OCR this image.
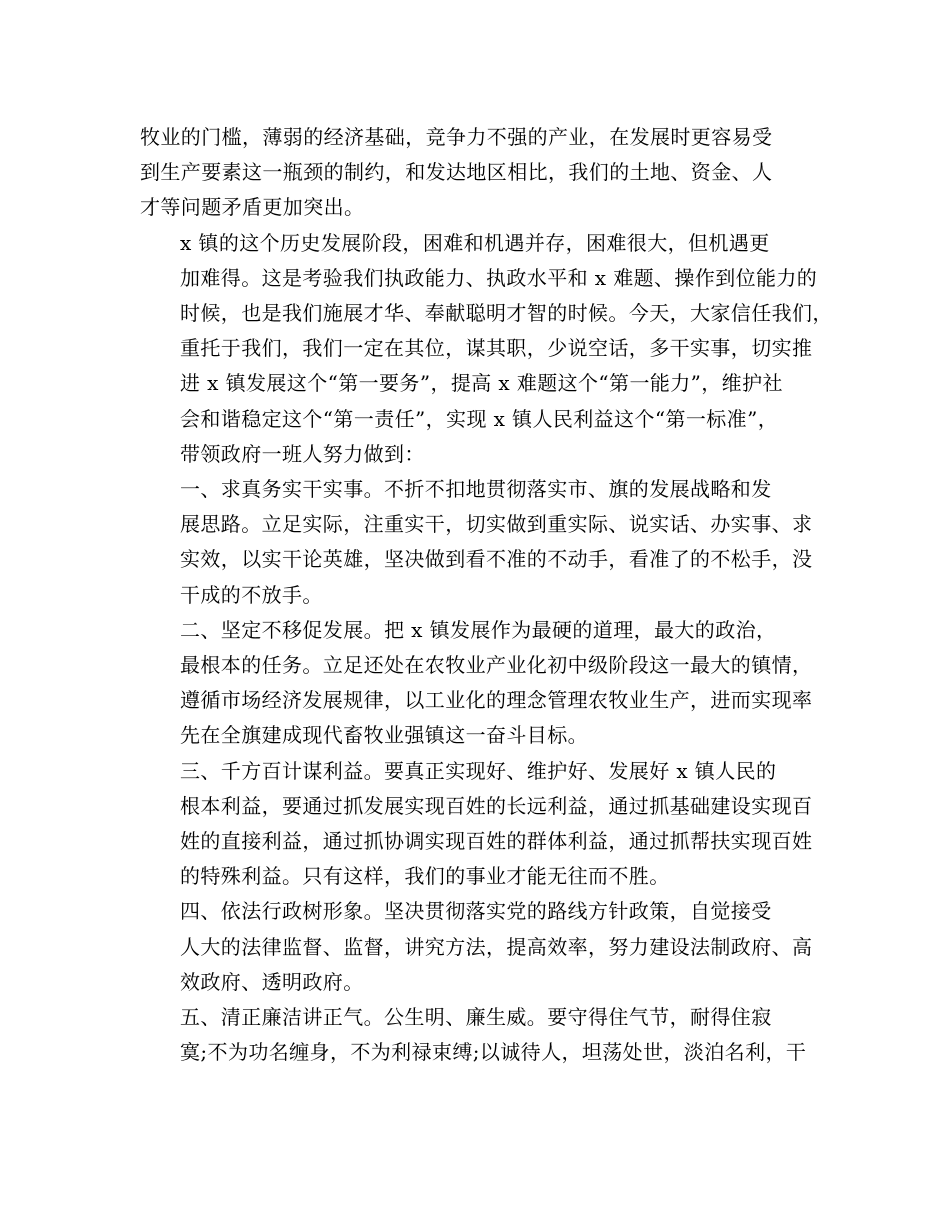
牧业的门槛，薄弱的经济基础，竞争力不强的产业，在发展时更容易受
到生产要素这一瓶颈的制约，和发达地区相比，我们的土地、资金、人
才等问题矛盾更加突出。

x 镇的这个历史发展阶段，困难和机遇并存，困难很大，但机遇更
加难得。这是考验我们执政能力、执政水平和 x 难题、操作到位能力的
时候，也是我们施展才华、奉献聪明才智的时候。今天，大家信任我们，
重托于我们，我们一定在其位，谋其职，少说空话，多干实事，切实推
进 x 镇发展这个“第一要务”，提高 x 难题这个“第一能力”，维护社
会和谐稳定这个“第一责任”，实现 x 镇人民利益这个“第一标准”，
带领政府一班人努力做到：

一、求真务实干实事。不折不扣地贯彻落实市、旗的发展战略和发
展思路。立足实际，注重实干，切实做到重实际、说实话、办实事、求
实效，以实干论英雄，坚决做到看不准的不动手，看准了的不松手，没
干成的不放手。

二、坚定不移促发展。把 x 镇发展作为最硬的道理，最大的政治，
最根本的任务。立足还处在农牧业产业化初中级阶段这一最大的镇情，
遵循市场经济发展规律，以工业化的理念管理农牧业生产，进而实现率
先在全旗建成现代畜牧业强镇这一奋斗目标。

三、千方百计谋利益。要真正实现好、维护好、发展好 x 镇人民的
根本利益，要通过抓发展实现百姓的长远利益，通过抓基础建设实现百
姓的直接利益，通过抓协调实现百姓的群体利益，通过抓帮扶实现百姓
的特殊利益。只有这样，我们的事业才能无往而不胜。

四、依法行政树形象。坚决贯彻落实党的路线方针政策，自觉接受
人大的法律监督、监督，讲究方法，提高效率，努力建设法制政府、高
效政府、透明政府。

五、清正廉洁讲正气。公生明、廉生威。要守得住气节，耐得住寂
寞;不为功名缠身，不为利禄束缚;以诚待人，坦荡处世，淡泊名利，干
